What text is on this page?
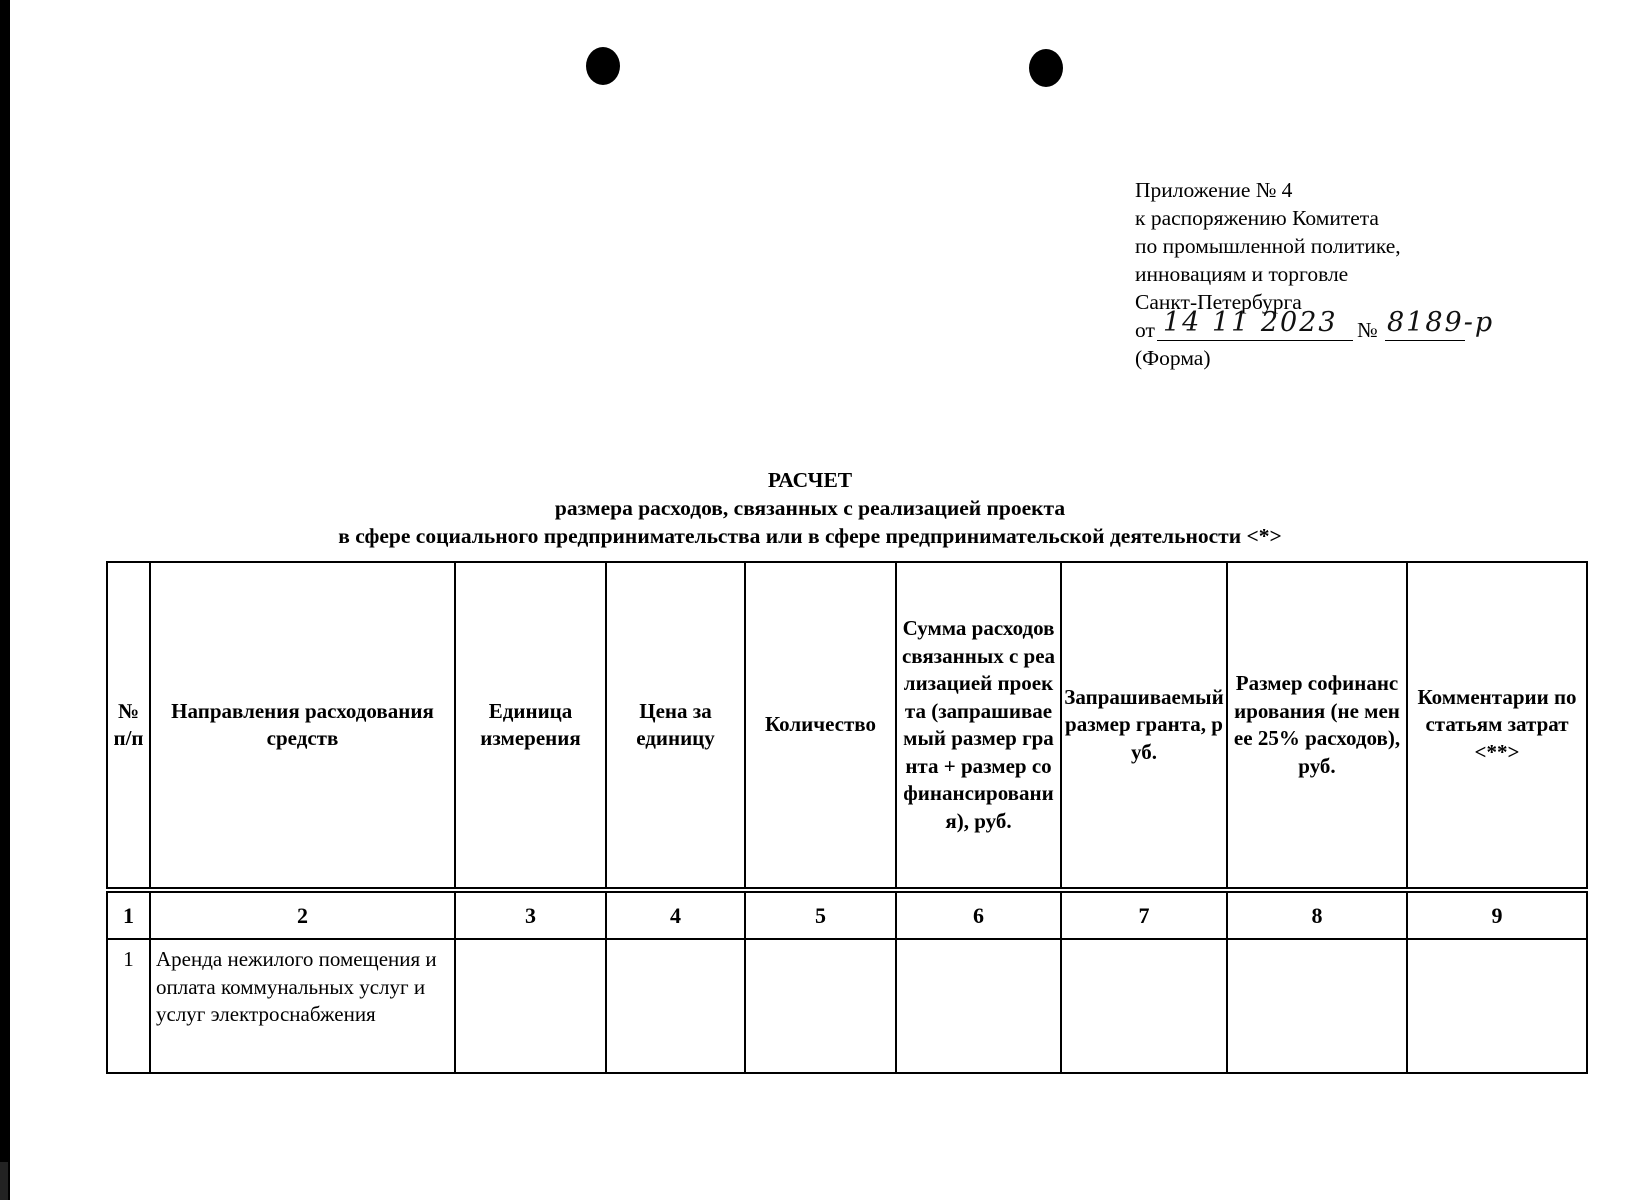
Приложение № 4
к распоряжению Комитета
по промышленной политике,
инновациям и торговле
Санкт-Петербурга
от 14 11 2023 № 8189-р
(Форма)
РАСЧЕТ
размера расходов, связанных с реализацией проекта
в сфере социального предпринимательства или в сфере предпринимательской деятельности <*>
№ п/п	Направления расходования средств	Единица измерения	Цена за единицу	Количество	Сумма расходов связанных с реализацией проекта (запрашиваемый размер гранта + размер софинансирования), руб.	Запрашиваемый размер гранта, руб.	Размер софинансирования (не менее 25% расходов), руб.	Комментарии по статьям затрат <**>
1	2	3	4	5	6	7	8	9
1	Аренда нежилого помещения и оплата коммунальных услуг и услуг электроснабжения							
